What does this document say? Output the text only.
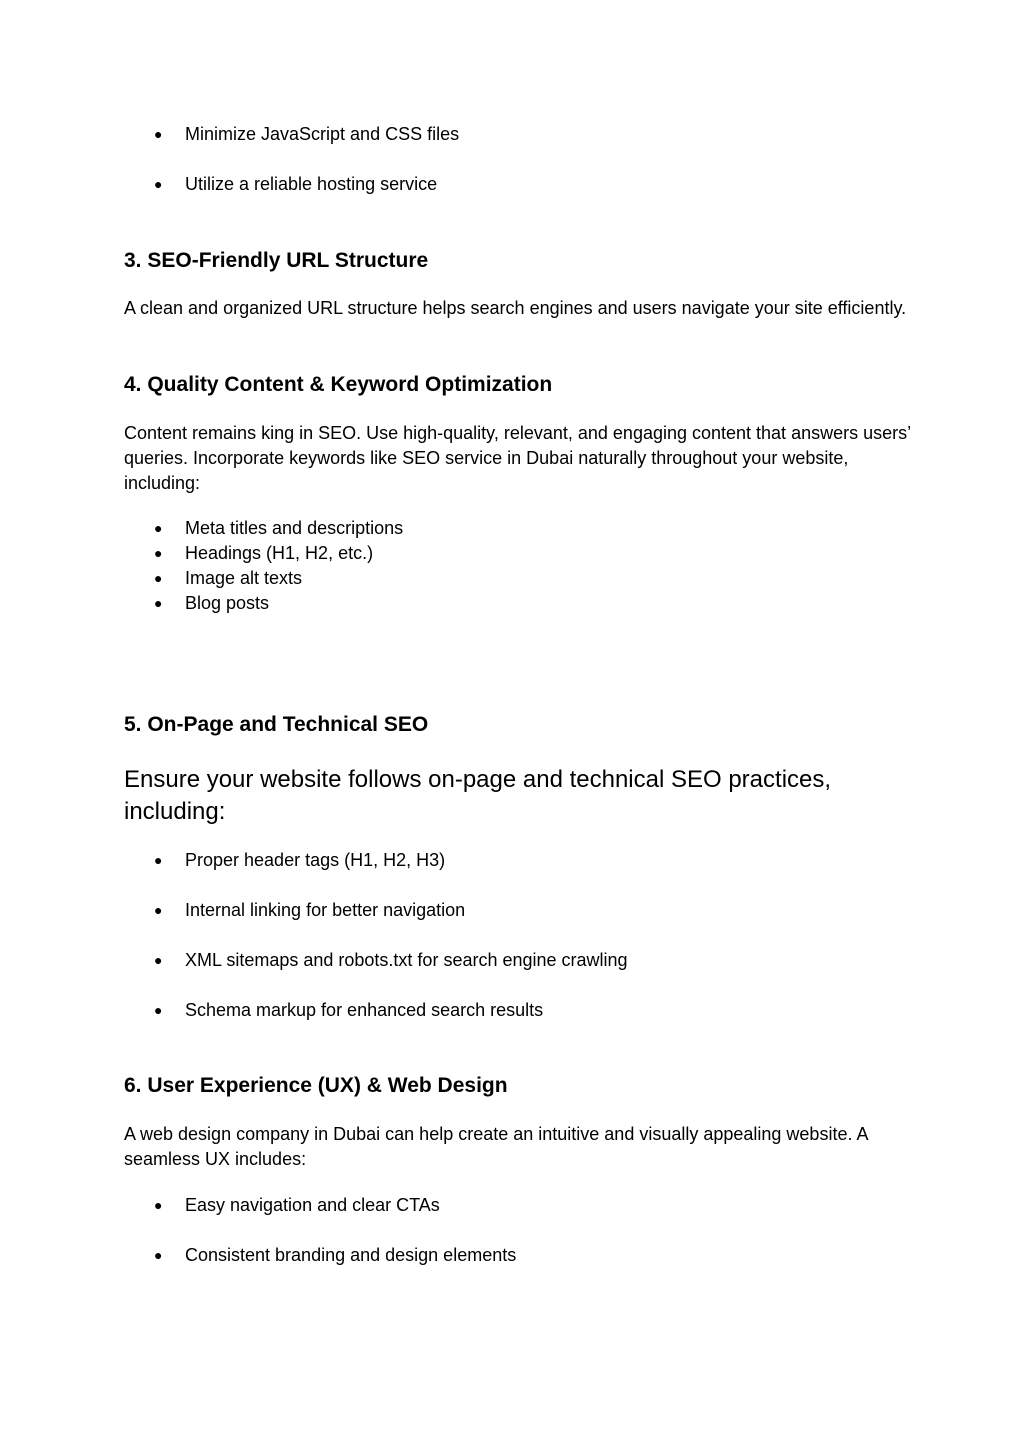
● Minimize JavaScript and CSS files
● Utilize a reliable hosting service
3. SEO-Friendly URL Structure

A clean and organized URL structure helps search engines and users navigate your site efficiently.

4. Quality Content & Keyword Optimization

Content remains king in SEO. Use high-quality, relevant, and engaging content that answers users’ queries. Incorporate keywords like SEO service in Dubai naturally throughout your website, including:

● Meta titles and descriptions
● Headings (H1, H2, etc.)
● Image alt texts
● Blog posts
5. On-Page and Technical SEO

Ensure your website follows on-page and technical SEO practices, including:

● Proper header tags (H1, H2, H3)
● Internal linking for better navigation
● XML sitemaps and robots.txt for search engine crawling
● Schema markup for enhanced search results
6. User Experience (UX) & Web Design

A web design company in Dubai can help create an intuitive and visually appealing website. A seamless UX includes:

● Easy navigation and clear CTAs
● Consistent branding and design elements
